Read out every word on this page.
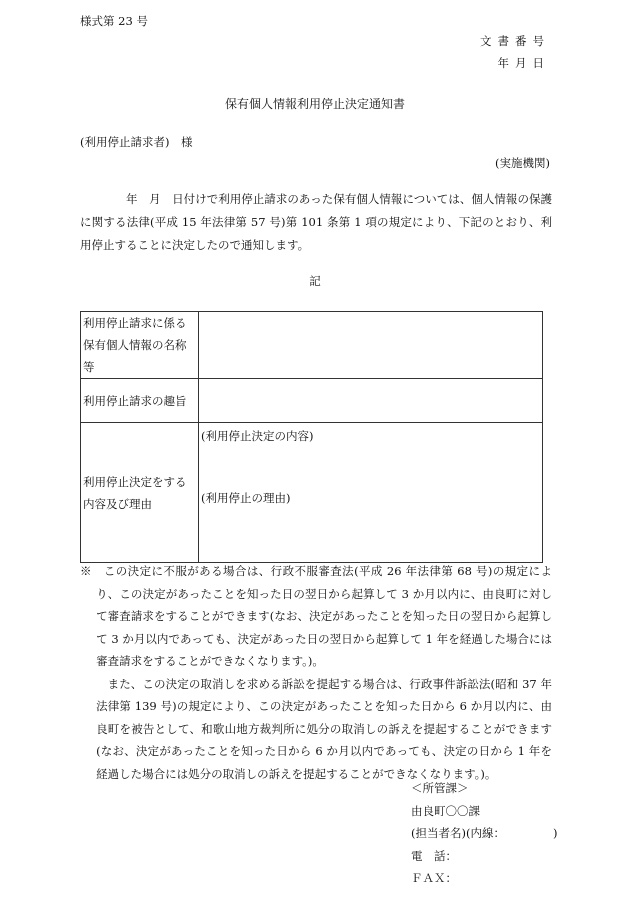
様式第 23 号
文書番号
年月日
保有個人情報利用停止決定通知書
(利用停止請求者)　様
(実施機関)

　年　月　日付けで利用停止請求のあった保有個人情報については、個人情報の保護に関する法律(平成 15 年法律第 57 号)第 101 条第 1 項の規定により、下記のとおり、利用停止することに決定したので通知します。

記
利用停止請求に係る保有個人情報の名称等	
利用停止請求の趣旨	
利用停止決定をする内容及び理由	(利用停止決定の内容)
(利用停止の理由)

※　この決定に不服がある場合は、行政不服審査法(平成 26 年法律第 68 号)の規定により、この決定があったことを知った日の翌日から起算して 3 か月以内に、由良町に対して審査請求をすることができます(なお、決定があったことを知った日の翌日から起算して 3 か月以内であっても、決定があった日の翌日から起算して 1 年を経過した場合には審査請求をすることができなくなります。)。

また、この決定の取消しを求める訴訟を提起する場合は、行政事件訴訟法(昭和 37 年法律第 139 号)の規定により、この決定があったことを知った日から 6 か月以内に、由良町を被告として、和歌山地方裁判所に処分の取消しの訴えを提起することができます(なお、決定があったことを知った日から 6 か月以内であっても、決定の日から 1 年を経過した場合には処分の取消しの訴えを提起することができなくなります。)。

＜所管課＞
由良町〇〇課
(担当者名)(内線：	)
電　話：
ＦＡＸ：
